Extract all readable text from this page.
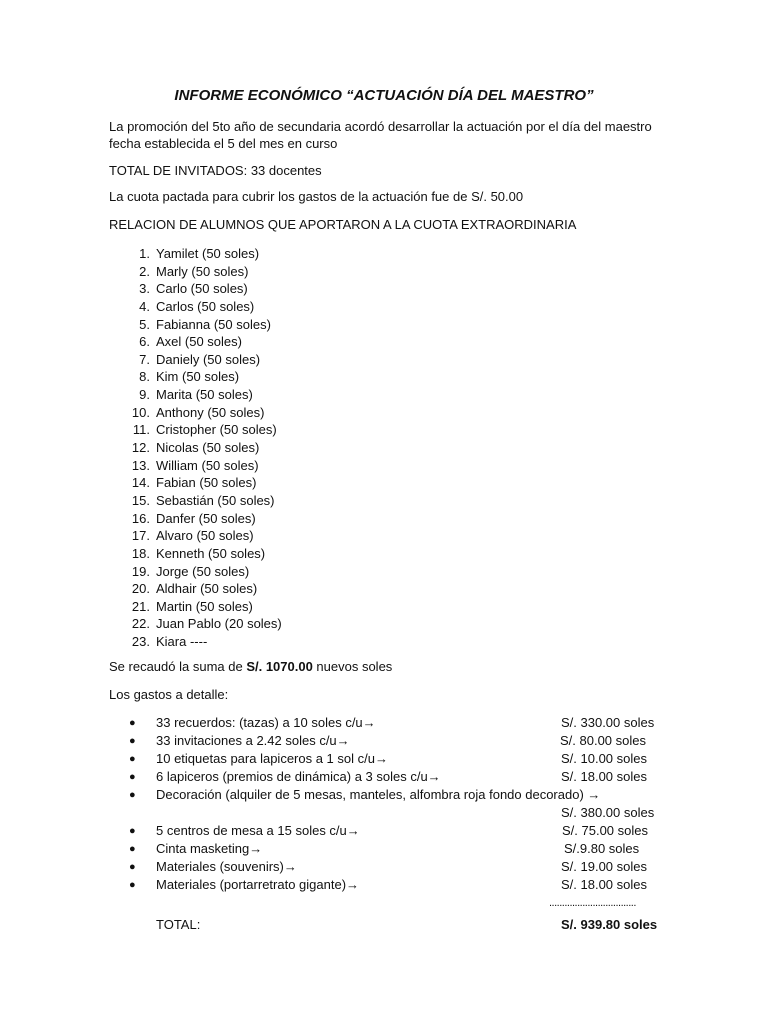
INFORME ECONÓMICO “ACTUACIÓN DÍA DEL MAESTRO”

La promoción del 5to año de secundaria acordó desarrollar la actuación por el día del maestro fecha establecida el 5 del mes en curso

TOTAL DE INVITADOS: 33 docentes

La cuota pactada para cubrir los gastos de la actuación fue de S/. 50.00

RELACION DE ALUMNOS QUE APORTARON A LA CUOTA EXTRAORDINARIA

1. Yamilet (50 soles)
2. Marly (50 soles)
3. Carlo (50 soles)
4. Carlos (50 soles)
5. Fabianna (50 soles)
6. Axel (50 soles)
7. Daniely (50 soles)
8. Kim (50 soles)
9. Marita (50 soles)
10. Anthony (50 soles)
11. Cristopher (50 soles)
12. Nicolas (50 soles)
13. William (50 soles)
14. Fabian (50 soles)
15. Sebastián (50 soles)
16. Danfer (50 soles)
17. Alvaro (50 soles)
18. Kenneth (50 soles)
19. Jorge (50 soles)
20. Aldhair (50 soles)
21. Martin (50 soles)
22. Juan Pablo (20 soles)
23. Kiara ----

Se recaudó la suma de S/. 1070.00 nuevos soles

Los gastos a detalle:

● 33 recuerdos: (tazas) a 10 soles c/u→	S/. 330.00 soles
● 33 invitaciones a 2.42 soles c/u→	S/. 80.00 soles
● 10 etiquetas para lapiceros a 1 sol c/u→	S/. 10.00 soles
● 6 lapiceros (premios de dinámica) a 3 soles c/u→	S/. 18.00 soles
● Decoración (alquiler de 5 mesas, manteles, alfombra roja fondo decorado) →
S/. 380.00 soles
● 5 centros de mesa a 15 soles c/u→	S/. 75.00 soles
● Cinta masketing→	S/.9.80 soles
● Materiales (souvenirs)→	S/. 19.00 soles
● Materiales (portarretrato gigante)→	S/. 18.00 soles
..................................
TOTAL:	S/. 939.80 soles
